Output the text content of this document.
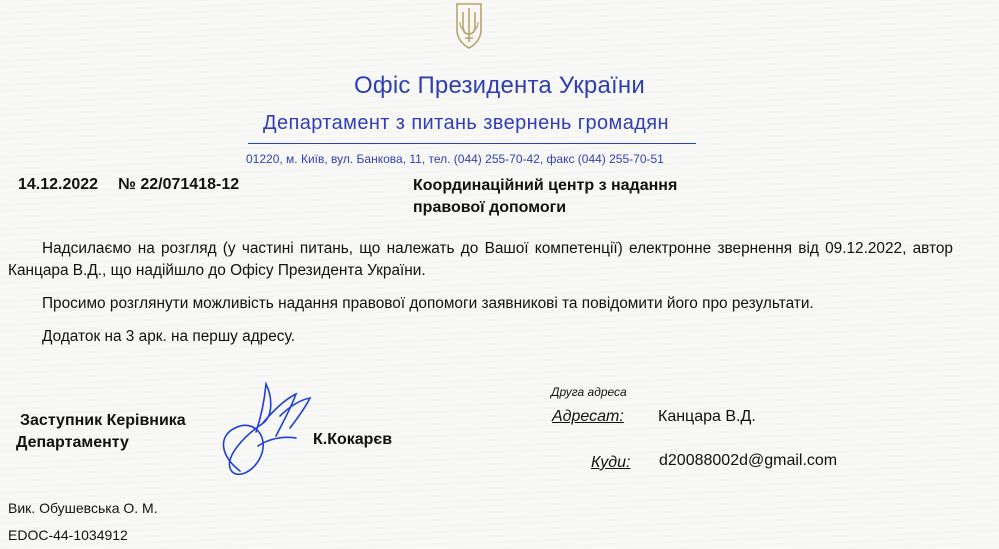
Офіс Президента України
Департамент з питань звернень громадян
01220, м. Київ, вул. Банкова, 11, тел. (044) 255-70-42, факс (044) 255-70-51
14.12.2022 № 22/071418-12	Координаційний центр з надання
правової допомоги

Надсилаємо на розгляд (у частині питань, що належать до Вашої компетенції) електронне звернення від 09.12.2022, автор Канцара В.Д., що надійшло до Офісу Президента України.

Просимо розглянути можливість надання правової допомоги заявникові та повідомити його про результати.

Додаток на 3 арк. на першу адресу.

Заступник Керівника
Департаменту	К.Кокарєв
Друга адреса
Адресат: Канцара В.Д.
Куди: d20088002d@gmail.com
Вик. Обушевська О. М.
EDOC-44-1034912
